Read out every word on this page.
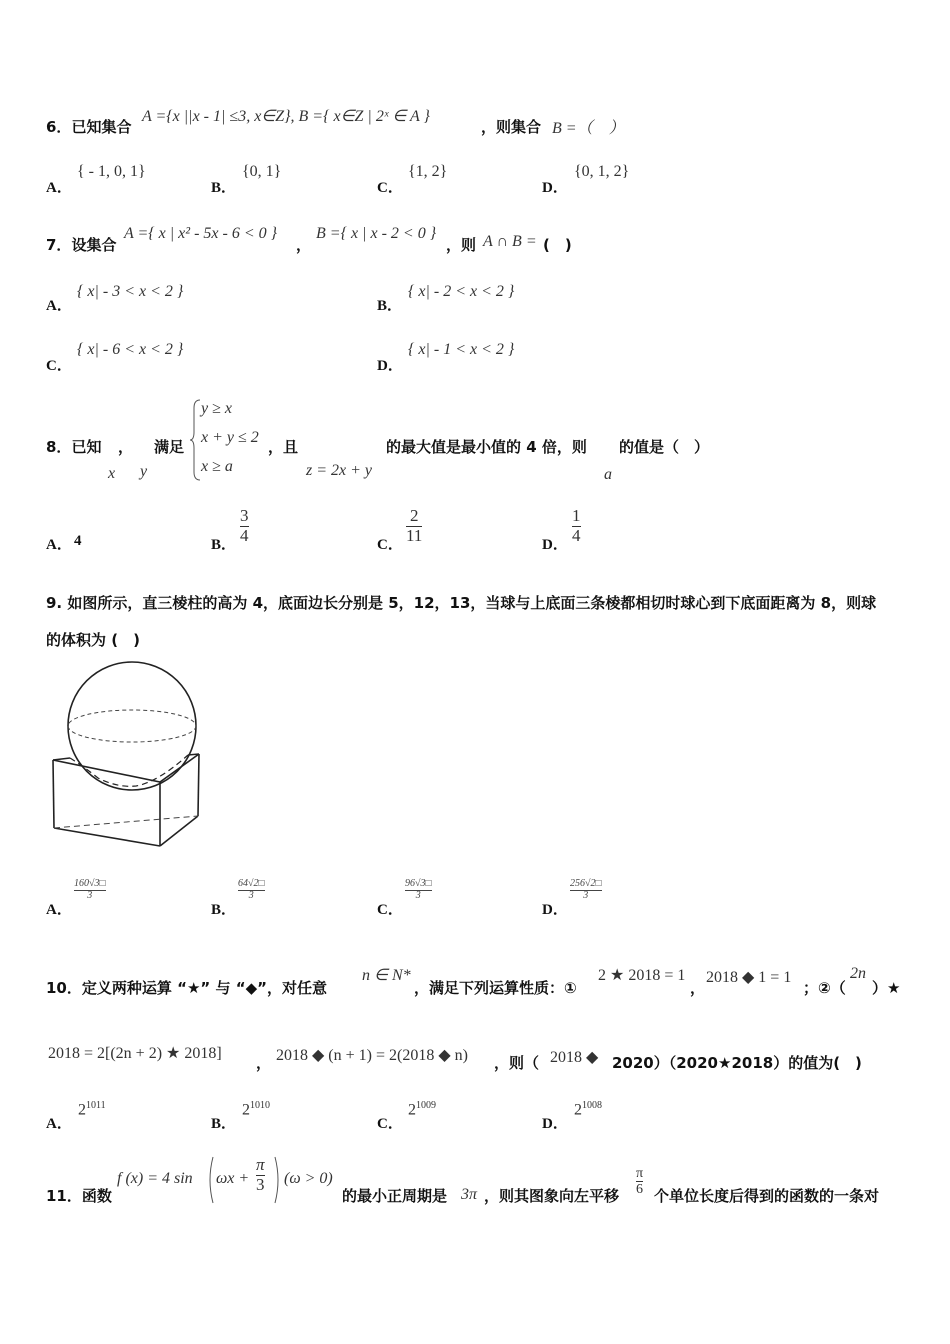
6．已知集合
A ={x ||x - 1| ≤3, x∈Z}, B ={ x∈Z | 2ˣ ∈ A }
，则集合 B =（　）
A．
{ - 1, 0, 1}
B．
{0, 1}
C．
{1, 2}
D．
{0, 1, 2}
7．设集合
A ={ x | x² - 5x - 6 < 0 }
，
B ={ x | x - 2 < 0 }
，则 A ∩ B = (　)
A．
{ x| - 3 < x < 2 }
B．
{ x| - 2 < x < 2 }
C．
{ x| - 6 < x < 2 }
D．
{ x| - 1 < x < 2 }
8．已知 ， 满足
x y
y ≥ x
x + y ≤ 2
x ≥ a
，且
z = 2x + y
的最大值是最小值的 4 倍，则 的值是（　）
a
A． 4	B．
3
4
C．
2
11
D．
1
4
9. 如图所示，直三棱柱的高为 4，底面边长分别是 5，12，13，当球与上底面三条棱都相切时球心到下底面距离为 8，则球
的体积为 (　)
A．
160√3□
3
B．
64√2□
3
C．
96√3□
3
D．
256√2□
3
10．定义两种运算 “★” 与 “◆”，对任意
n ∈ N*
，满足下列运算性质：①
2 ★ 2018 = 1
，
2018 ◆ 1 = 1
；②（
2n
）★
2018 = 2[(2n + 2) ★ 2018]
， 2018 ◆ (n + 1) = 2(2018 ◆ n) ，则（ 2018 ◆ 2020）（2020★2018）的值为(　)
A．
$2^{1011}$
B．
$2^{1010}$
C．
$2^{1009}$
D．
$2^{1008}$
11．函数
f (x) = 4 sin ωx +
π
3 (ω > 0)
的最小正周期是 3π ，则其图象向左平移
π
6 个单位长度后得到的函数的一条对
